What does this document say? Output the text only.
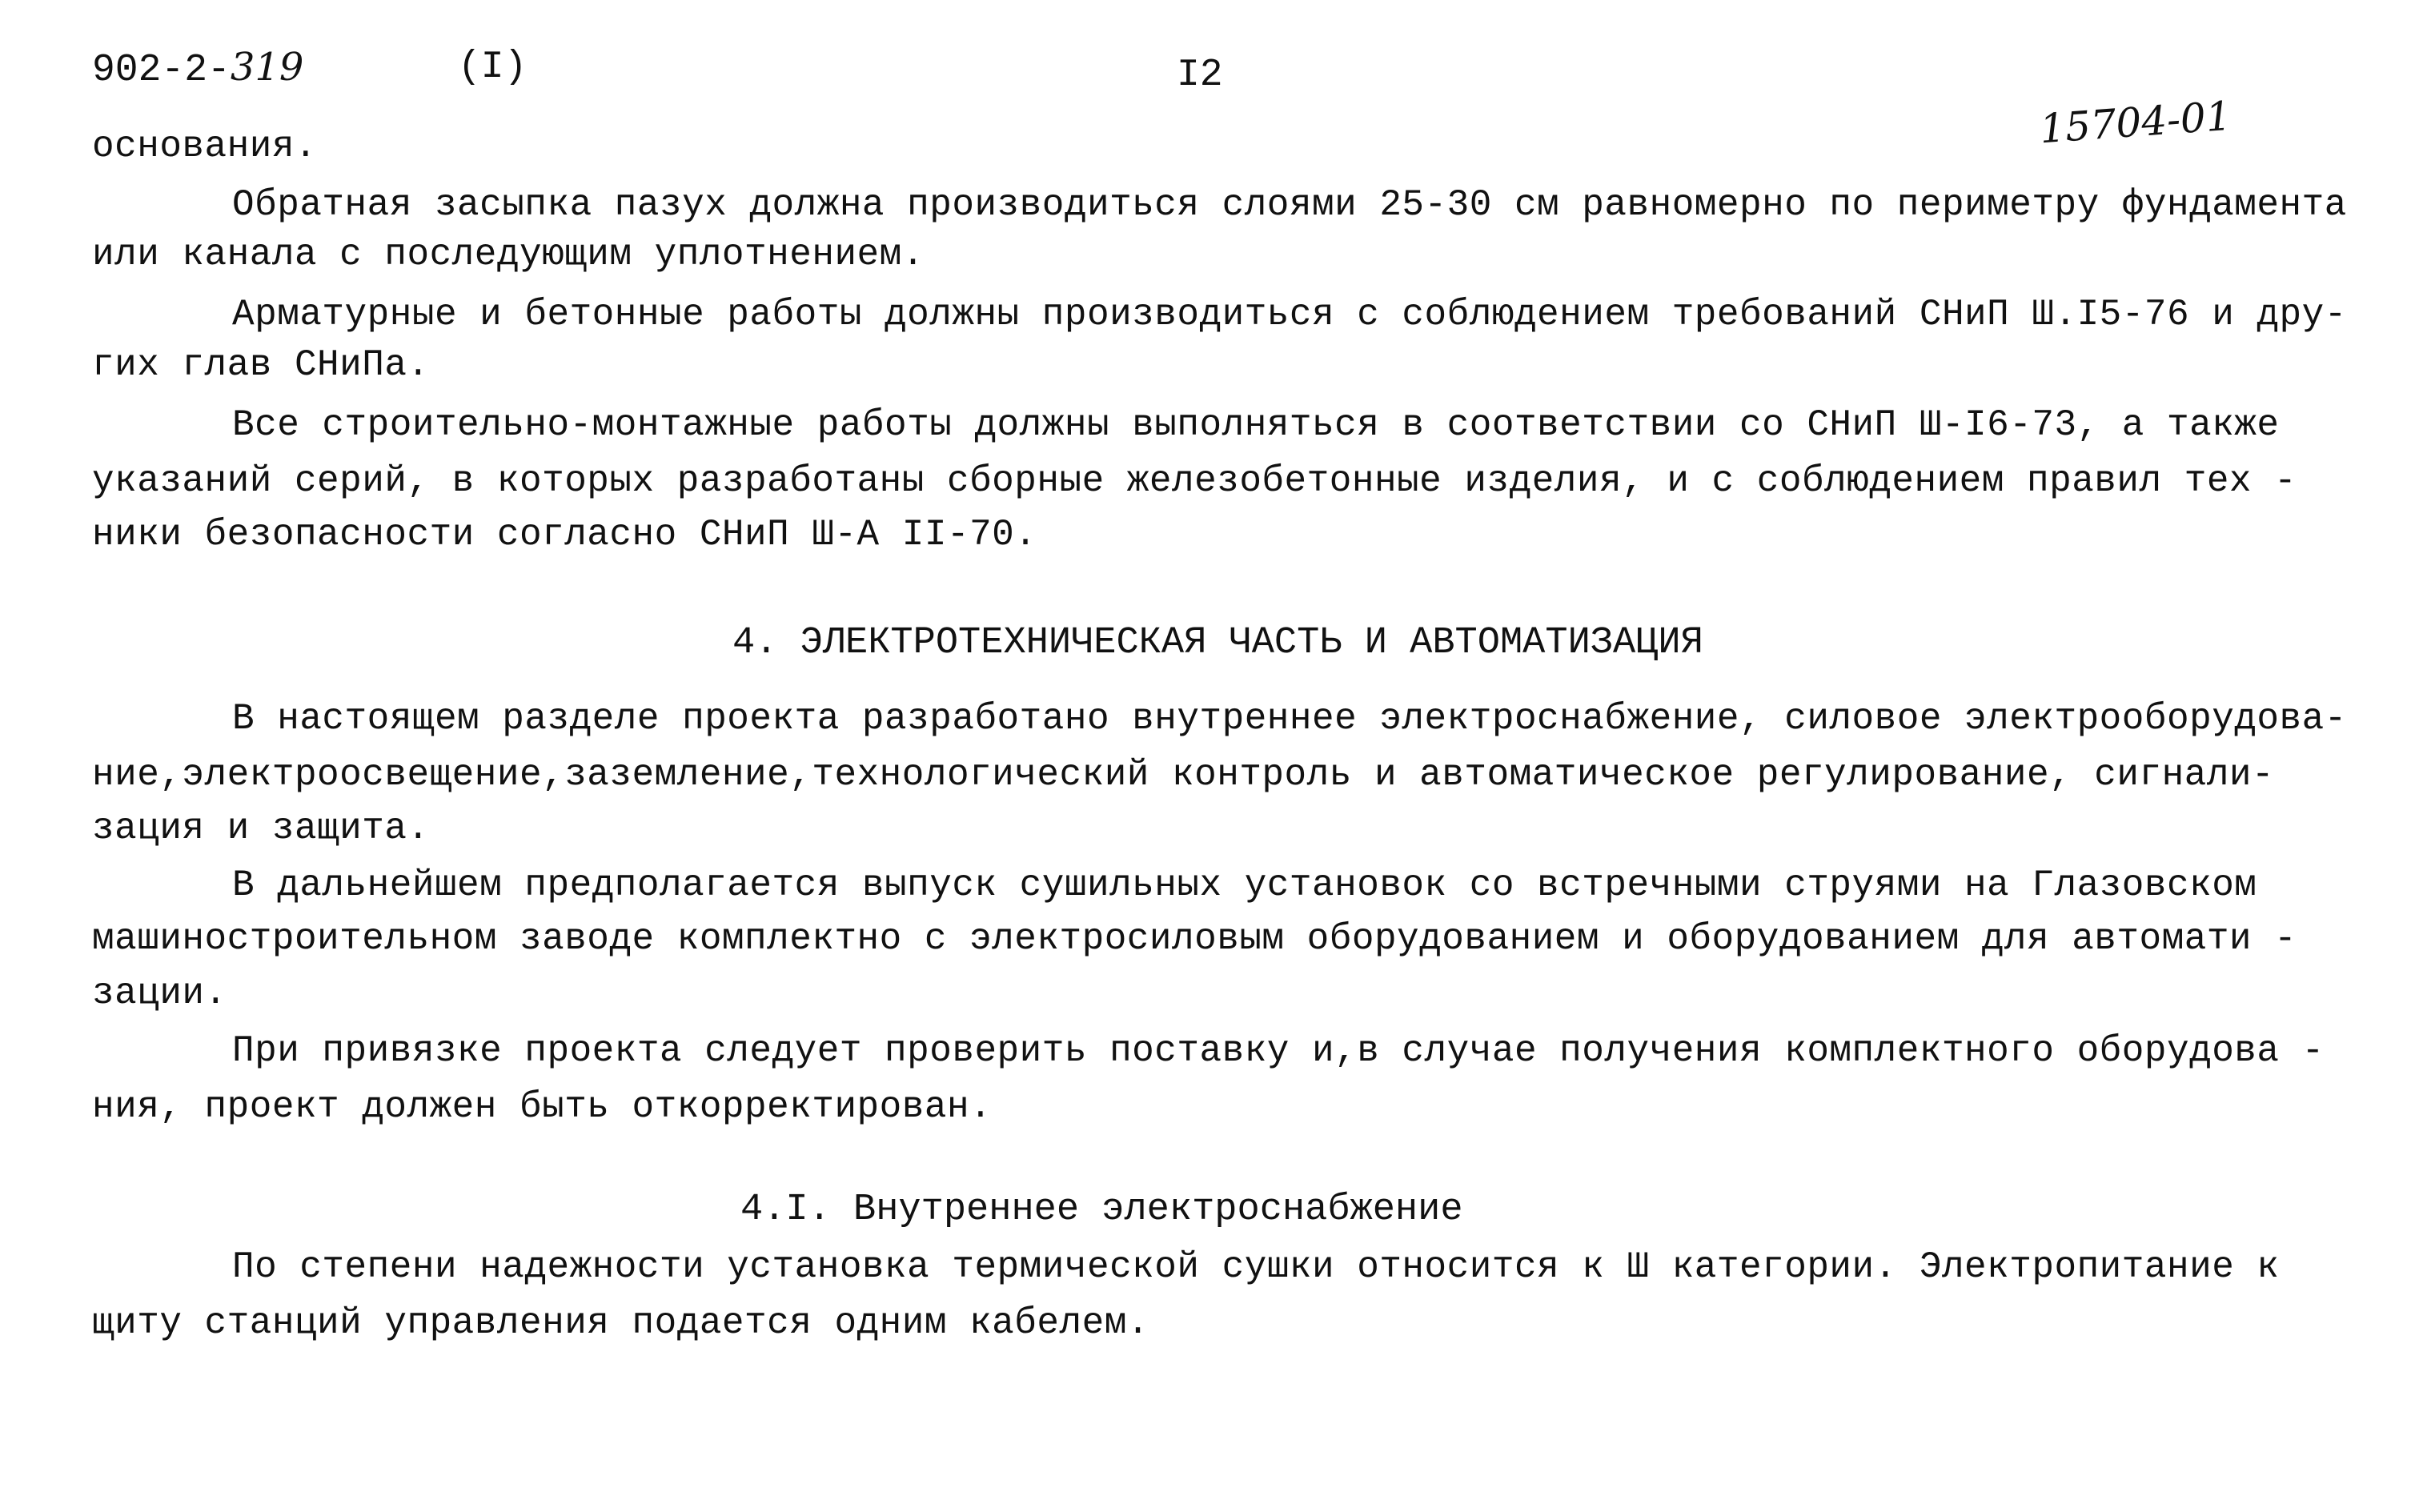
902-2-319	(I)	I2
15704-01
основания.
Обратная засыпка пазух должна производиться слоями 25-30 см равномерно по периметру фундамента
или канала с последующим уплотнением.
Арматурные и бетонные работы должны производиться с соблюдением требований СНиП Ш.I5-76 и дру-
гих глав СНиПа.
Все строительно-монтажные работы должны выполняться в соответствии со СНиП Ш-I6-73, а также
указаний серий, в которых разработаны сборные железобетонные изделия, и с соблюдением правил тех -
ники безопасности согласно СНиП Ш-А II-70.
4. ЭЛЕКТРОТЕХНИЧЕСКАЯ ЧАСТЬ И АВТОМАТИЗАЦИЯ
В настоящем разделе проекта разработано внутреннее электроснабжение, силовое электрооборудова-
ние,электроосвещение,заземление,технологический контроль и автоматическое регулирование, сигнали-
зация и защита.
В дальнейшем предполагается выпуск сушильных установок со встречными струями на Глазовском
машиностроительном заводе комплектно с электросиловым оборудованием и оборудованием для автомати -
зации.
При привязке проекта следует проверить поставку и,в случае получения комплектного оборудова -
ния, проект должен быть откорректирован.
4.I. Внутреннее электроснабжение
По степени надежности установка термической сушки относится к Ш категории. Электропитание к
щиту станций управления подается одним кабелем.
